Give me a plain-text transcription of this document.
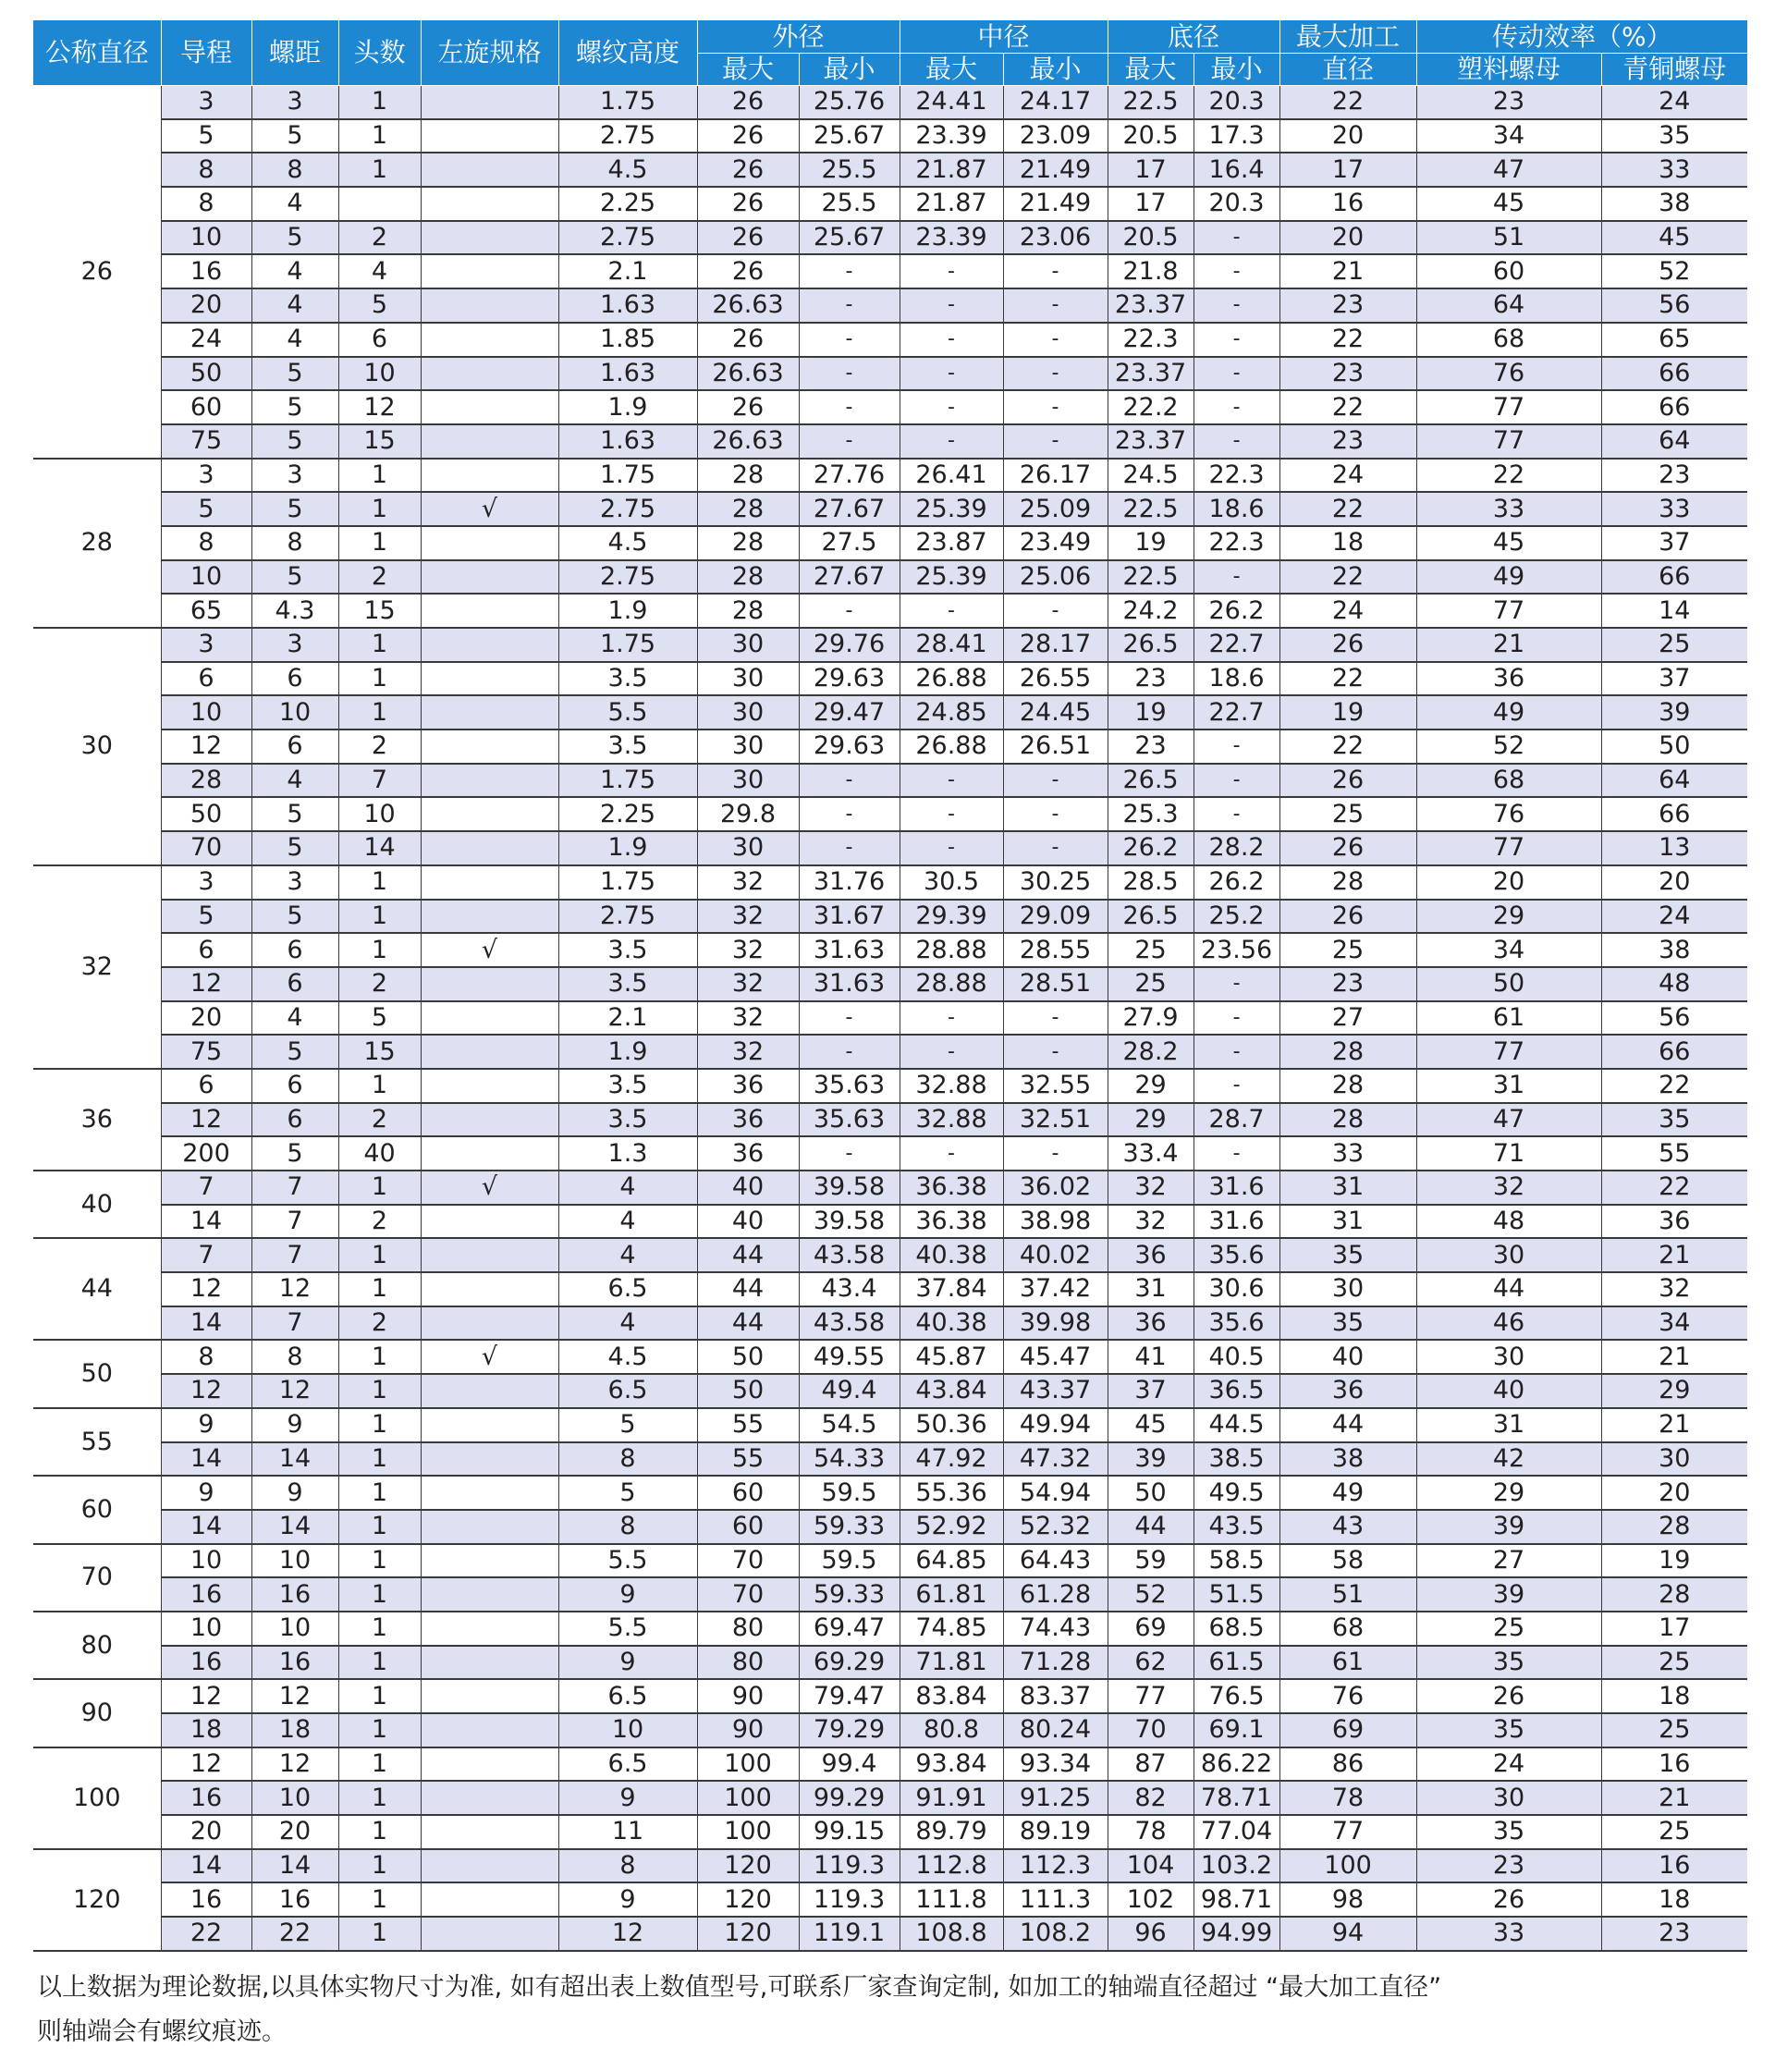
公称直径	导程	螺距	头数	左旋规格	螺纹高度	外径		中径		底径		最大加工	传动效率（%）	
						最大	最小	最大	最小	最大	最小	直径	塑料螺母	青铜螺母
26	3	3	1		1.75	26	25.76	24.41	24.17	22.5	20.3	22	23	24
	5	5	1		2.75	26	25.67	23.39	23.09	20.5	17.3	20	34	35
	8	8	1		4.5	26	25.5	21.87	21.49	17	16.4	17	47	33
	8	4			2.25	26	25.5	21.87	21.49	17	20.3	16	45	38
	10	5	2		2.75	26	25.67	23.39	23.06	20.5	-	20	51	45
	16	4	4		2.1	26	-	-	-	21.8	-	21	60	52
	20	4	5		1.63	26.63	-	-	-	23.37	-	23	64	56
	24	4	6		1.85	26	-	-	-	22.3	-	22	68	65
	50	5	10		1.63	26.63	-	-	-	23.37	-	23	76	66
	60	5	12		1.9	26	-	-	-	22.2	-	22	77	66
	75	5	15		1.63	26.63	-	-	-	23.37	-	23	77	64
28	3	3	1		1.75	28	27.76	26.41	26.17	24.5	22.3	24	22	23
	5	5	1	√	2.75	28	27.67	25.39	25.09	22.5	18.6	22	33	33
	8	8	1		4.5	28	27.5	23.87	23.49	19	22.3	18	45	37
	10	5	2		2.75	28	27.67	25.39	25.06	22.5	-	22	49	66
	65	4.3	15		1.9	28	-	-	-	24.2	26.2	24	77	14
30	3	3	1		1.75	30	29.76	28.41	28.17	26.5	22.7	26	21	25
	6	6	1		3.5	30	29.63	26.88	26.55	23	18.6	22	36	37
	10	10	1		5.5	30	29.47	24.85	24.45	19	22.7	19	49	39
	12	6	2		3.5	30	29.63	26.88	26.51	23	-	22	52	50
	28	4	7		1.75	30	-	-	-	26.5	-	26	68	64
	50	5	10		2.25	29.8	-	-	-	25.3	-	25	76	66
	70	5	14		1.9	30	-	-	-	26.2	28.2	26	77	13
32	3	3	1		1.75	32	31.76	30.5	30.25	28.5	26.2	28	20	20
	5	5	1		2.75	32	31.67	29.39	29.09	26.5	25.2	26	29	24
	6	6	1	√	3.5	32	31.63	28.88	28.55	25	23.56	25	34	38
	12	6	2		3.5	32	31.63	28.88	28.51	25	-	23	50	48
	20	4	5		2.1	32	-	-	-	27.9	-	27	61	56
	75	5	15		1.9	32	-	-	-	28.2	-	28	77	66
36	6	6	1		3.5	36	35.63	32.88	32.55	29	-	28	31	22
	12	6	2		3.5	36	35.63	32.88	32.51	29	28.7	28	47	35
	200	5	40		1.3	36	-	-	-	33.4	-	33	71	55
40	7	7	1	√	4	40	39.58	36.38	36.02	32	31.6	31	32	22
	14	7	2		4	40	39.58	36.38	38.98	32	31.6	31	48	36
44	7	7	1		4	44	43.58	40.38	40.02	36	35.6	35	30	21
	12	12	1		6.5	44	43.4	37.84	37.42	31	30.6	30	44	32
	14	7	2		4	44	43.58	40.38	39.98	36	35.6	35	46	34
50	8	8	1	√	4.5	50	49.55	45.87	45.47	41	40.5	40	30	21
	12	12	1		6.5	50	49.4	43.84	43.37	37	36.5	36	40	29
55	9	9	1		5	55	54.5	50.36	49.94	45	44.5	44	31	21
	14	14	1		8	55	54.33	47.92	47.32	39	38.5	38	42	30
60	9	9	1		5	60	59.5	55.36	54.94	50	49.5	49	29	20
	14	14	1		8	60	59.33	52.92	52.32	44	43.5	43	39	28
70	10	10	1		5.5	70	59.5	64.85	64.43	59	58.5	58	27	19
	16	16	1		9	70	59.33	61.81	61.28	52	51.5	51	39	28
80	10	10	1		5.5	80	69.47	74.85	74.43	69	68.5	68	25	17
	16	16	1		9	80	69.29	71.81	71.28	62	61.5	61	35	25
90	12	12	1		6.5	90	79.47	83.84	83.37	77	76.5	76	26	18
	18	18	1		10	90	79.29	80.8	80.24	70	69.1	69	35	25
100	12	12	1		6.5	100	99.4	93.84	93.34	87	86.22	86	24	16
	16	10	1		9	100	99.29	91.91	91.25	82	78.71	78	30	21
	20	20	1		11	100	99.15	89.79	89.19	78	77.04	77	35	25
120	14	14	1		8	120	119.3	112.8	112.3	104	103.2	100	23	16
	16	16	1		9	120	119.3	111.8	111.3	102	98.71	98	26	18
	22	22	1		12	120	119.1	108.8	108.2	96	94.99	94	33	23

以上数据为理论数据,以具体实物尺寸为准, 如有超出表上数值型号,可联系厂家查询定制, 如加工的轴端直径超过 “最大加工直径”

则轴端会有螺纹痕迹。
